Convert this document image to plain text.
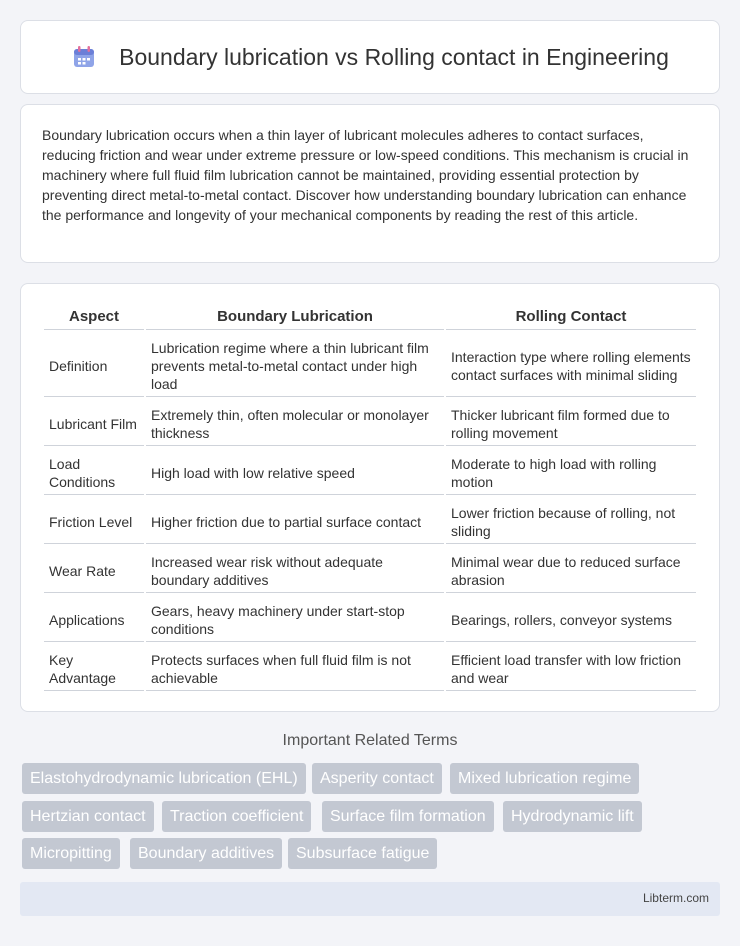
Boundary lubrication vs Rolling contact in Engineering

Boundary lubrication occurs when a thin layer of lubricant molecules adheres to contact surfaces, reducing friction and wear under extreme pressure or low-speed conditions. This mechanism is crucial in machinery where full fluid film lubrication cannot be maintained, providing essential protection by preventing direct metal-to-metal contact. Discover how understanding boundary lubrication can enhance the performance and longevity of your mechanical components by reading the rest of this article.

Aspect	Boundary Lubrication	Rolling Contact
Definition	Lubrication regime where a thin lubricant film prevents metal-to-metal contact under high load	Interaction type where rolling elements contact surfaces with minimal sliding
Lubricant Film	Extremely thin, often molecular or monolayer thickness	Thicker lubricant film formed due to rolling movement
Load Conditions	High load with low relative speed	Moderate to high load with rolling motion
Friction Level	Higher friction due to partial surface contact	Lower friction because of rolling, not sliding
Wear Rate	Increased wear risk without adequate boundary additives	Minimal wear due to reduced surface abrasion
Applications	Gears, heavy machinery under start-stop conditions	Bearings, rollers, conveyor systems
Key Advantage	Protects surfaces when full fluid film is not achievable	Efficient load transfer with low friction and wear
Important Related Terms
Elastohydrodynamic lubrication (EHL)	Asperity contact	Mixed lubrication regime
Hertzian contact	Traction coefficient	Surface film formation	Hydrodynamic lift
Micropitting	Boundary additives	Subsurface fatigue
Libterm.com
